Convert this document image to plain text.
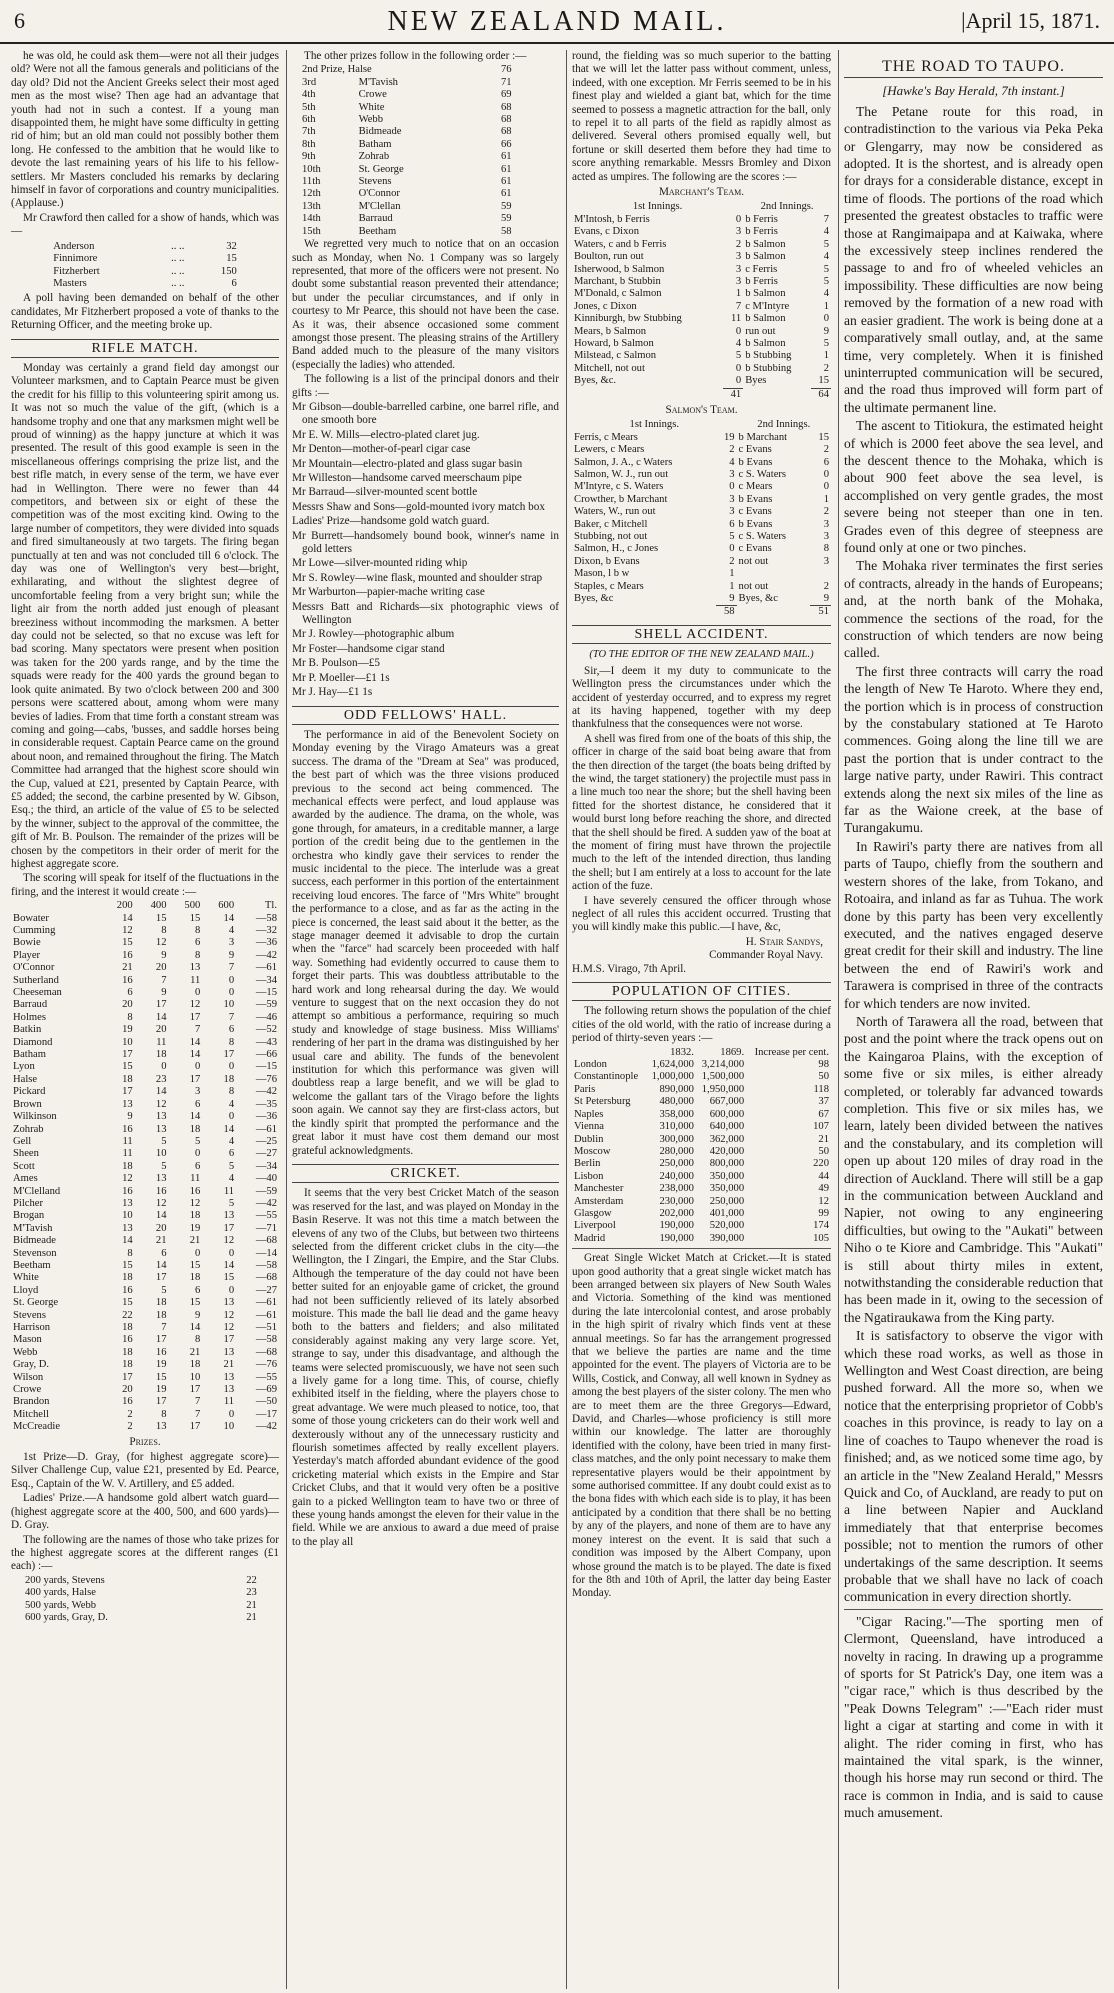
6	NEW ZEALAND MAIL.	|April 15, 1871.

he was old, he could ask them—were not all their judges old? Were not all the famous generals and politicians of the day old? Did not the Ancient Greeks select their most aged men as the most wise? Then age had an advantage that youth had not in such a contest. If a young man disappointed them, he might have some difficulty in getting rid of him; but an old man could not possibly bother them long. He confessed to the ambition that he would like to devote the last remaining years of his life to his fellow-settlers. Mr Masters concluded his remarks by declaring himself in favor of corporations and country municipalities. (Applause.)

Mr Crawford then called for a show of hands, which was—

Anderson	.. ..	32
Finnimore	.. ..	15
Fitzherbert	.. ..	150
Masters	.. ..	6

A poll having been demanded on behalf of the other candidates, Mr Fitzherbert proposed a vote of thanks to the Returning Officer, and the meeting broke up.

RIFLE MATCH.

Monday was certainly a grand field day amongst our Volunteer marksmen, and to Captain Pearce must be given the credit for his fillip to this volunteering spirit among us. It was not so much the value of the gift, (which is a handsome trophy and one that any marksmen might well be proud of winning) as the happy juncture at which it was presented. The result of this good example is seen in the miscellaneous offerings comprising the prize list, and the best rifle match, in every sense of the term, we have ever had in Wellington. There were no fewer than 44 competitors, and between six or eight of these the competition was of the most exciting kind. Owing to the large number of competitors, they were divided into squads and fired simultaneously at two targets. The firing began punctually at ten and was not concluded till 6 o'clock. The day was one of Wellington's very best—bright, exhilarating, and without the slightest degree of uncomfortable feeling from a very bright sun; while the light air from the north added just enough of pleasant breeziness without incommoding the marksmen. A better day could not be selected, so that no excuse was left for bad scoring. Many spectators were present when position was taken for the 200 yards range, and by the time the squads were ready for the 400 yards the ground began to look quite animated. By two o'clock between 200 and 300 persons were scattered about, among whom were many bevies of ladies. From that time forth a constant stream was coming and going—cabs, 'busses, and saddle horses being in considerable request. Captain Pearce came on the ground about noon, and remained throughout the firing. The Match Committee had arranged that the highest score should win the Cup, valued at £21, presented by Captain Pearce, with £5 added; the second, the carbine presented by W. Gibson, Esq.; the third, an article of the value of £5 to be selected by the winner, subject to the approval of the committee, the gift of Mr. B. Poulson. The remainder of the prizes will be chosen by the competitors in their order of merit for the highest aggregate score.

The scoring will speak for itself of the fluctuations in the firing, and the interest it would create :—

	200	400	500	600	Tl.
Bowater	14	15	15	14	—58
Cumming	12	8	8	4	—32
Bowie	15	12	6	3	—36
Player	16	9	8	9	—42
O'Connor	21	20	13	7	—61
Sutherland	16	7	11	0	—34
Cheeseman	6	9	0	0	—15
Barraud	20	17	12	10	—59
Holmes	8	14	17	7	—46
Batkin	19	20	7	6	—52
Diamond	10	11	14	8	—43
Batham	17	18	14	17	—66
Lyon	15	0	0	0	—15
Halse	18	23	17	18	—76
Pickard	17	14	3	8	—42
Brown	13	12	6	4	—35
Wilkinson	9	13	14	0	—36
Zohrab	16	13	18	14	—61
Gell	11	5	5	4	—25
Sheen	11	10	0	6	—27
Scott	18	5	6	5	—34
Ames	12	13	11	4	—40
M'Clelland	16	16	16	11	—59
Pilcher	13	12	12	5	—42
Brogan	10	14	18	13	—55
M'Tavish	13	20	19	17	—71
Bidmeade	14	21	21	12	—68
Stevenson	8	6	0	0	—14
Beetham	15	14	15	14	—58
White	18	17	18	15	—68
Lloyd	16	5	6	0	—27
St. George	15	18	15	13	—61
Stevens	22	18	9	12	—61
Harrison	18	7	14	12	—51
Mason	16	17	8	17	—58
Webb	18	16	21	13	—68
Gray, D.	18	19	18	21	—76
Wilson	17	15	10	13	—55
Crowe	20	19	17	13	—69
Brandon	16	17	7	11	—50
Mitchell	2	8	7	0	—17
McCreadie	2	13	17	10	—42
Prizes.

1st Prize—D. Gray, (for highest aggregate score)—Silver Challenge Cup, value £21, presented by Ed. Pearce, Esq., Captain of the W. V. Artillery, and £5 added.

Ladies' Prize.—A handsome gold albert watch guard—(highest aggregate score at the 400, 500, and 600 yards)—D. Gray.

The following are the names of those who take prizes for the highest aggregate scores at the different ranges (£1 each) :—

200 yards, Stevens	22
400 yards, Halse	23
500 yards, Webb	21
600 yards, Gray, D.	21

The other prizes follow in the following order :—

2nd Prize, Halse		76
3rd	M'Tavish	71
4th	Crowe	69
5th	White	68
6th	Webb	68
7th	Bidmeade	68
8th	Batham	66
9th	Zohrab	61
10th	St. George	61
11th	Stevens	61
12th	O'Connor	61
13th	M'Clellan	59
14th	Barraud	59
15th	Beetham	58

We regretted very much to notice that on an occasion such as Monday, when No. 1 Company was so largely represented, that more of the officers were not present. No doubt some substantial reason prevented their attendance; but under the peculiar circumstances, and if only in courtesy to Mr Pearce, this should not have been the case. As it was, their absence occasioned some comment amongst those present. The pleasing strains of the Artillery Band added much to the pleasure of the many visitors (especially the ladies) who attended.

The following is a list of the principal donors and their gifts :—

Mr Gibson—double-barrelled carbine, one barrel rifle, and one smooth bore

Mr E. W. Mills—electro-plated claret jug.

Mr Denton—mother-of-pearl cigar case

Mr Mountain—electro-plated and glass sugar basin

Mr Willeston—handsome carved meerschaum pipe

Mr Barraud—silver-mounted scent bottle

Messrs Shaw and Sons—gold-mounted ivory match box

Ladies' Prize—handsome gold watch guard.

Mr Burrett—handsomely bound book, winner's name in gold letters

Mr Lowe—silver-mounted riding whip

Mr S. Rowley—wine flask, mounted and shoulder strap

Mr Warburton—papier-mache writing case

Messrs Batt and Richards—six photographic views of Wellington

Mr J. Rowley—photographic album

Mr Foster—handsome cigar stand

Mr B. Poulson—£5

Mr P. Moeller—£1 1s

Mr J. Hay—£1 1s

ODD FELLOWS' HALL.

The performance in aid of the Benevolent Society on Monday evening by the Virago Amateurs was a great success. The drama of the "Dream at Sea" was produced, the best part of which was the three visions produced previous to the second act being commenced. The mechanical effects were perfect, and loud applause was awarded by the audience. The drama, on the whole, was gone through, for amateurs, in a creditable manner, a large portion of the credit being due to the gentlemen in the orchestra who kindly gave their services to render the music incidental to the piece. The interlude was a great success, each performer in this portion of the entertainment receiving loud encores. The farce of "Mrs White" brought the performance to a close, and as far as the acting in the piece is concerned, the least said about it the better, as the stage manager deemed it advisable to drop the curtain when the "farce" had scarcely been proceeded with half way. Something had evidently occurred to cause them to forget their parts. This was doubtless attributable to the hard work and long rehearsal during the day. We would venture to suggest that on the next occasion they do not attempt so ambitious a performance, requiring so much study and knowledge of stage business. Miss Williams' rendering of her part in the drama was distinguished by her usual care and ability. The funds of the benevolent institution for which this performance was given will doubtless reap a large benefit, and we will be glad to welcome the gallant tars of the Virago before the lights soon again. We cannot say they are first-class actors, but the kindly spirit that prompted the performance and the great labor it must have cost them demand our most grateful acknowledgments.

CRICKET.

It seems that the very best Cricket Match of the season was reserved for the last, and was played on Monday in the Basin Reserve. It was not this time a match between the elevens of any two of the Clubs, but between two thirteens selected from the different cricket clubs in the city—the Wellington, the I Zingari, the Empire, and the Star Clubs. Although the temperature of the day could not have been better suited for an enjoyable game of cricket, the ground had not been sufficiently relieved of its lately absorbed moisture. This made the ball lie dead and the game heavy both to the batters and fielders; and also militated considerably against making any very large score. Yet, strange to say, under this disadvantage, and although the teams were selected promiscuously, we have not seen such a lively game for a long time. This, of course, chiefly exhibited itself in the fielding, where the players chose to great advantage. We were much pleased to notice, too, that some of those young cricketers can do their work well and dexterously without any of the unnecessary rusticity and flourish sometimes affected by really excellent players. Yesterday's match afforded abundant evidence of the good cricketing material which exists in the Empire and Star Cricket Clubs, and that it would very often be a positive gain to a picked Wellington team to have two or three of these young hands amongst the eleven for their value in the field. While we are anxious to award a due meed of praise to the play all

round, the fielding was so much superior to the batting that we will let the latter pass without comment, unless, indeed, with one exception. Mr Ferris seemed to be in his finest play and wielded a giant bat, which for the time seemed to possess a magnetic attraction for the ball, only to repel it to all parts of the field as rapidly almost as delivered. Several others promised equally well, but fortune or skill deserted them before they had time to score anything remarkable. Messrs Bromley and Dixon acted as umpires. The following are the scores :—

Marchant's Team.
1st Innings.		2nd Innings.	
M'Intosh, b Ferris	0	b Ferris	7
Evans, c Dixon	3	b Ferris	4
Waters, c and b Ferris	2	b Salmon	5
Boulton, run out	3	b Salmon	4
Isherwood, b Salmon	3	c Ferris	5
Marchant, b Stubbin	3	b Ferris	5
M'Donald, c Salmon	1	b Salmon	4
Jones, c Dixon	7	c M'Intyre	1
Kinniburgh, bw Stubbing	11	b Salmon	0
Mears, b Salmon	0	run out	9
Howard, b Salmon	4	b Salmon	5
Milstead, c Salmon	5	b Stubbing	1
Mitchell, not out	0	b Stubbing	2
Byes, &c.	0	Byes	15
	41		64
Salmon's Team.
1st Innings.		2nd Innings.	
Ferris, c Mears	19	b Marchant	15
Lewers, c Mears	2	c Evans	2
Salmon, J. A., c Waters	4	b Evans	6
Salmon, W. J., run out	3	c S. Waters	0
M'Intyre, c S. Waters	0	c Mears	0
Crowther, b Marchant	3	b Evans	1
Waters, W., run out	3	c Evans	2
Baker, c Mitchell	6	b Evans	3
Stubbing, not out	5	c S. Waters	3
Salmon, H., c Jones	0	c Evans	8
Dixon, b Evans	2	not out	3
Mason, l b w	1		
Staples, c Mears	1	not out	2
Byes, &c	9	Byes, &c	9
	58		51
SHELL ACCIDENT.
(TO THE EDITOR OF THE NEW ZEALAND MAIL.)

Sir,—I deem it my duty to communicate to the Wellington press the circumstances under which the accident of yesterday occurred, and to express my regret at its having happened, together with my deep thankfulness that the consequences were not worse.

A shell was fired from one of the boats of this ship, the officer in charge of the said boat being aware that from the then direction of the target (the boats being drifted by the wind, the target stationery) the projectile must pass in a line much too near the shore; but the shell having been fitted for the shortest distance, he considered that it would burst long before reaching the shore, and directed that the shell should be fired. A sudden yaw of the boat at the moment of firing must have thrown the projectile much to the left of the intended direction, thus landing the shell; but I am entirely at a loss to account for the late action of the fuze.

I have severely censured the officer through whose neglect of all rules this accident occurred. Trusting that you will kindly make this public.—I have, &c,

H. Stair Sandys,
Commander Royal Navy.
H.M.S. Virago, 7th April.
POPULATION OF CITIES.

The following return shows the population of the chief cities of the old world, with the ratio of increase during a period of thirty-seven years :—

	1832.	1869.	Increase per cent.
London	1,624,000	3,214,000	98
Constantinople	1,000,000	1,500,000	50
Paris	890,000	1,950,000	118
St Petersburg	480,000	667,000	37
Naples	358,000	600,000	67
Vienna	310,000	640,000	107
Dublin	300,000	362,000	21
Moscow	280,000	420,000	50
Berlin	250,000	800,000	220
Lisbon	240,000	350,000	44
Manchester	238,000	350,000	49
Amsterdam	230,000	250,000	12
Glasgow	202,000	401,000	99
Liverpool	190,000	520,000	174
Madrid	190,000	390,000	105

Great Single Wicket Match at Cricket.—It is stated upon good authority that a great single wicket match has been arranged between six players of New South Wales and Victoria. Something of the kind was mentioned during the late intercolonial contest, and arose probably in the high spirit of rivalry which finds vent at these annual meetings. So far has the arrangement progressed that we believe the parties are name and the time appointed for the event. The players of Victoria are to be Wills, Costick, and Conway, all well known in Sydney as among the best players of the sister colony. The men who are to meet them are the three Gregorys—Edward, David, and Charles—whose proficiency is still more within our knowledge. The latter are thoroughly identified with the colony, have been tried in many first-class matches, and the only point necessary to make them representative players would be their appointment by some authorised committee. If any doubt could exist as to the bona fides with which each side is to play, it has been anticipated by a condition that there shall be no betting by any of the players, and none of them are to have any money interest on the event. It is said that such a condition was imposed by the Albert Company, upon whose ground the match is to be played. The date is fixed for the 8th and 10th of April, the latter day being Easter Monday.

THE ROAD TO TAUPO.
[Hawke's Bay Herald, 7th instant.]

The Petane route for this road, in contradistinction to the various via Peka Peka or Glengarry, may now be considered as adopted. It is the shortest, and is already open for drays for a considerable distance, except in time of floods. The portions of the road which presented the greatest obstacles to traffic were those at Rangimaipapa and at Kaiwaka, where the excessively steep inclines rendered the passage to and fro of wheeled vehicles an impossibility. These difficulties are now being removed by the formation of a new road with an easier gradient. The work is being done at a comparatively small outlay, and, at the same time, very completely. When it is finished uninterrupted communication will be secured, and the road thus improved will form part of the ultimate permanent line.

The ascent to Titiokura, the estimated height of which is 2000 feet above the sea level, and the descent thence to the Mohaka, which is about 900 feet above the sea level, is accomplished on very gentle grades, the most severe being not steeper than one in ten. Grades even of this degree of steepness are found only at one or two pinches.

The Mohaka river terminates the first series of contracts, already in the hands of Europeans; and, at the north bank of the Mohaka, commence the sections of the road, for the construction of which tenders are now being called.

The first three contracts will carry the road the length of New Te Haroto. Where they end, the portion which is in process of construction by the constabulary stationed at Te Haroto commences. Going along the line till we are past the portion that is under contract to the large native party, under Rawiri. This contract extends along the next six miles of the line as far as the Waione creek, at the base of Turangakumu.

In Rawiri's party there are natives from all parts of Taupo, chiefly from the southern and western shores of the lake, from Tokano, and Rotoaira, and inland as far as Tuhua. The work done by this party has been very excellently executed, and the natives engaged deserve great credit for their skill and industry. The line between the end of Rawiri's work and Tarawera is comprised in three of the contracts for which tenders are now invited.

North of Tarawera all the road, between that post and the point where the track opens out on the Kaingaroa Plains, with the exception of some five or six miles, is either already completed, or tolerably far advanced towards completion. This five or six miles has, we learn, lately been divided between the natives and the constabulary, and its completion will open up about 120 miles of dray road in the direction of Auckland. There will still be a gap in the communication between Auckland and Napier, not owing to any engineering difficulties, but owing to the "Aukati" between Niho o te Kiore and Cambridge. This "Aukati" is still about thirty miles in extent, notwithstanding the considerable reduction that has been made in it, owing to the secession of the Ngatiraukawa from the King party.

It is satisfactory to observe the vigor with which these road works, as well as those in Wellington and West Coast direction, are being pushed forward. All the more so, when we notice that the enterprising proprietor of Cobb's coaches in this province, is ready to lay on a line of coaches to Taupo whenever the road is finished; and, as we noticed some time ago, by an article in the "New Zealand Herald," Messrs Quick and Co, of Auckland, are ready to put on a line between Napier and Auckland immediately that that enterprise becomes possible; not to mention the rumors of other undertakings of the same description. It seems probable that we shall have no lack of coach communication in every direction shortly.

"Cigar Racing."—The sporting men of Clermont, Queensland, have introduced a novelty in racing. In drawing up a programme of sports for St Patrick's Day, one item was a "cigar race," which is thus described by the "Peak Downs Telegram" :—"Each rider must light a cigar at starting and come in with it alight. The rider coming in first, who has maintained the vital spark, is the winner, though his horse may run second or third. The race is common in India, and is said to cause much amusement.
